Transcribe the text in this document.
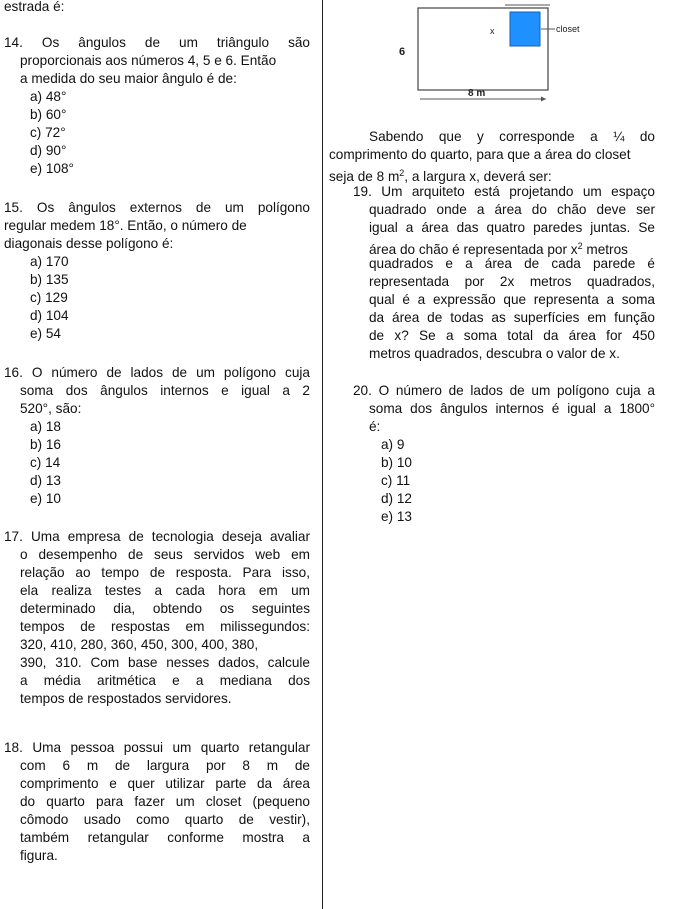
estrada é:
14. Os ângulos de um triângulo são
proporcionais aos números 4, 5 e 6. Então
a medida do seu maior ângulo é de:
a) 48°
b) 60°
c) 72°
d) 90°
e) 108°
15. Os ângulos externos de um polígono
regular medem 18°. Então, o número de
diagonais desse polígono é:
a) 170
b) 135
c) 129
d) 104
e) 54
16. O número de lados de um polígono cuja
soma dos ângulos internos e igual a 2
520°, são:
a) 18
b) 16
c) 14
d) 13
e) 10
17. Uma empresa de tecnologia deseja avaliar
o desempenho de seus servidos web em
relação ao tempo de resposta. Para isso,
ela realiza testes a cada hora em um
determinado dia, obtendo os seguintes
tempos de respostas em milissegundos:
320, 410, 280, 360, 450, 300, 400, 380,
390, 310. Com base nesses dados, calcule
a média aritmética e a mediana dos
tempos de respostados servidores.
18. Uma pessoa possui um quarto retangular
com 6 m de largura por 8 m de
comprimento e quer utilizar parte da área
do quarto para fazer um closet (pequeno
cômodo usado como quarto de vestir),
também retangular conforme mostra a
figura.
closet
x
6
8 m
Sabendo que y corresponde a ¼ do
comprimento do quarto, para que a área do closet
seja de 8 $m^2$, a largura x, deverá ser:
19. Um arquiteto está projetando um espaço
quadrado onde a área do chão deve ser
igual a área das quatro paredes juntas. Se
área do chão é representada por $x^2$ metros
quadrados e a área de cada parede é
representada por 2x metros quadrados,
qual é a expressão que representa a soma
da área de todas as superfícies em função
de x? Se a soma total da área for 450
metros quadrados, descubra o valor de x.
20. O número de lados de um polígono cuja a
soma dos ângulos internos é igual a 1800°
é:
a) 9
b) 10
c) 11
d) 12
e) 13
